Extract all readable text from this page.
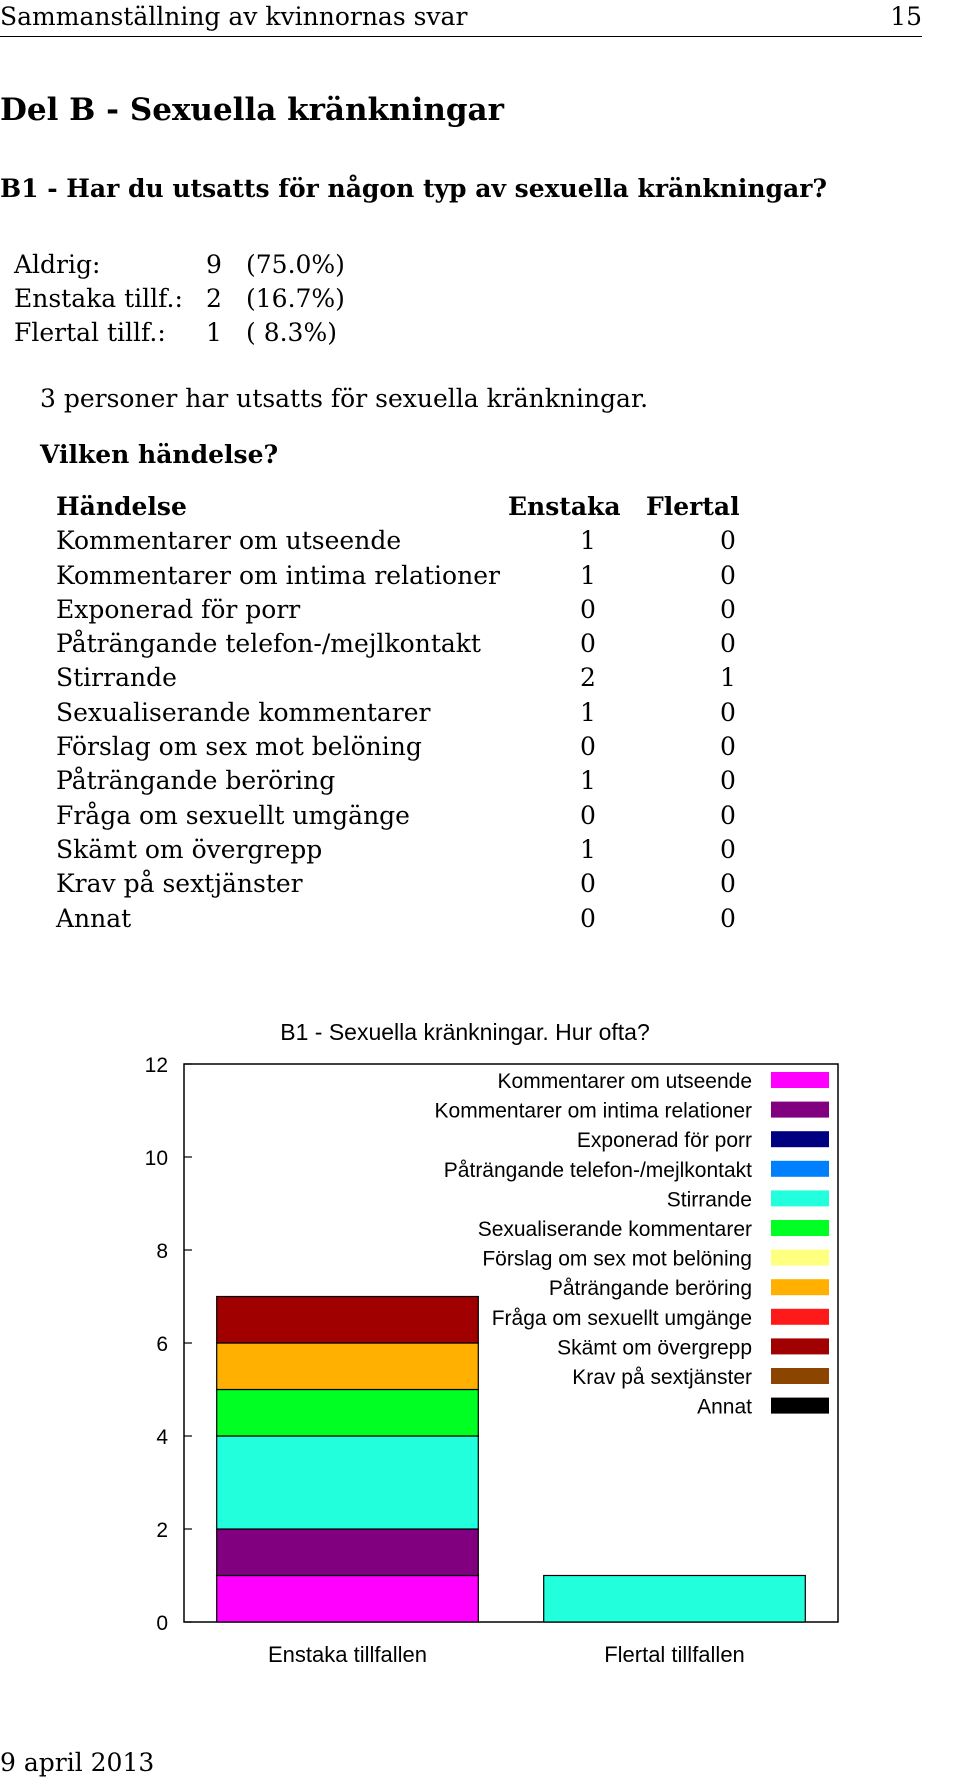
Sammanställning av kvinnornas svar	15
Del B - Sexuella kränkningar
B1 - Har du utsatts för någon typ av sexuella kränkningar?
Aldrig:	9 (75.0%)
Enstaka tillf.: 2 (16.7%)
Flertal tillf.: 1 ( 8.3%)
3 personer har utsatts för sexuella kränkningar.
Vilken händelse?
Händelse	Enstaka Flertal
Kommentarer om utseende	1	0
Kommentarer om intima relationer	1	0
Exponerad för porr	0	0
Påträngande telefon-/mejlkontakt	0	0
Stirrande	2	1
Sexualiserande kommentarer	1	0
Förslag om sex mot belöning	0	0
Påträngande beröring	1	0
Fråga om sexuellt umgänge	0	0
Skämt om övergrepp	1	0
Krav på sextjänster	0	0
Annat	0	0
B1 - Sexuella kränkningar. Hur ofta?
0
2
4
6
8
10
12
Enstaka tillfallen	Flertal tillfallen
Kommentarer om utseende
Kommentarer om intima relationer
Exponerad för porr
Påträngande telefon-/mejlkontakt
Stirrande
Sexualiserande kommentarer
Förslag om sex mot belöning
Påträngande beröring
Fråga om sexuellt umgänge
Skämt om övergrepp
Krav på sextjänster
Annat
9 april 2013
